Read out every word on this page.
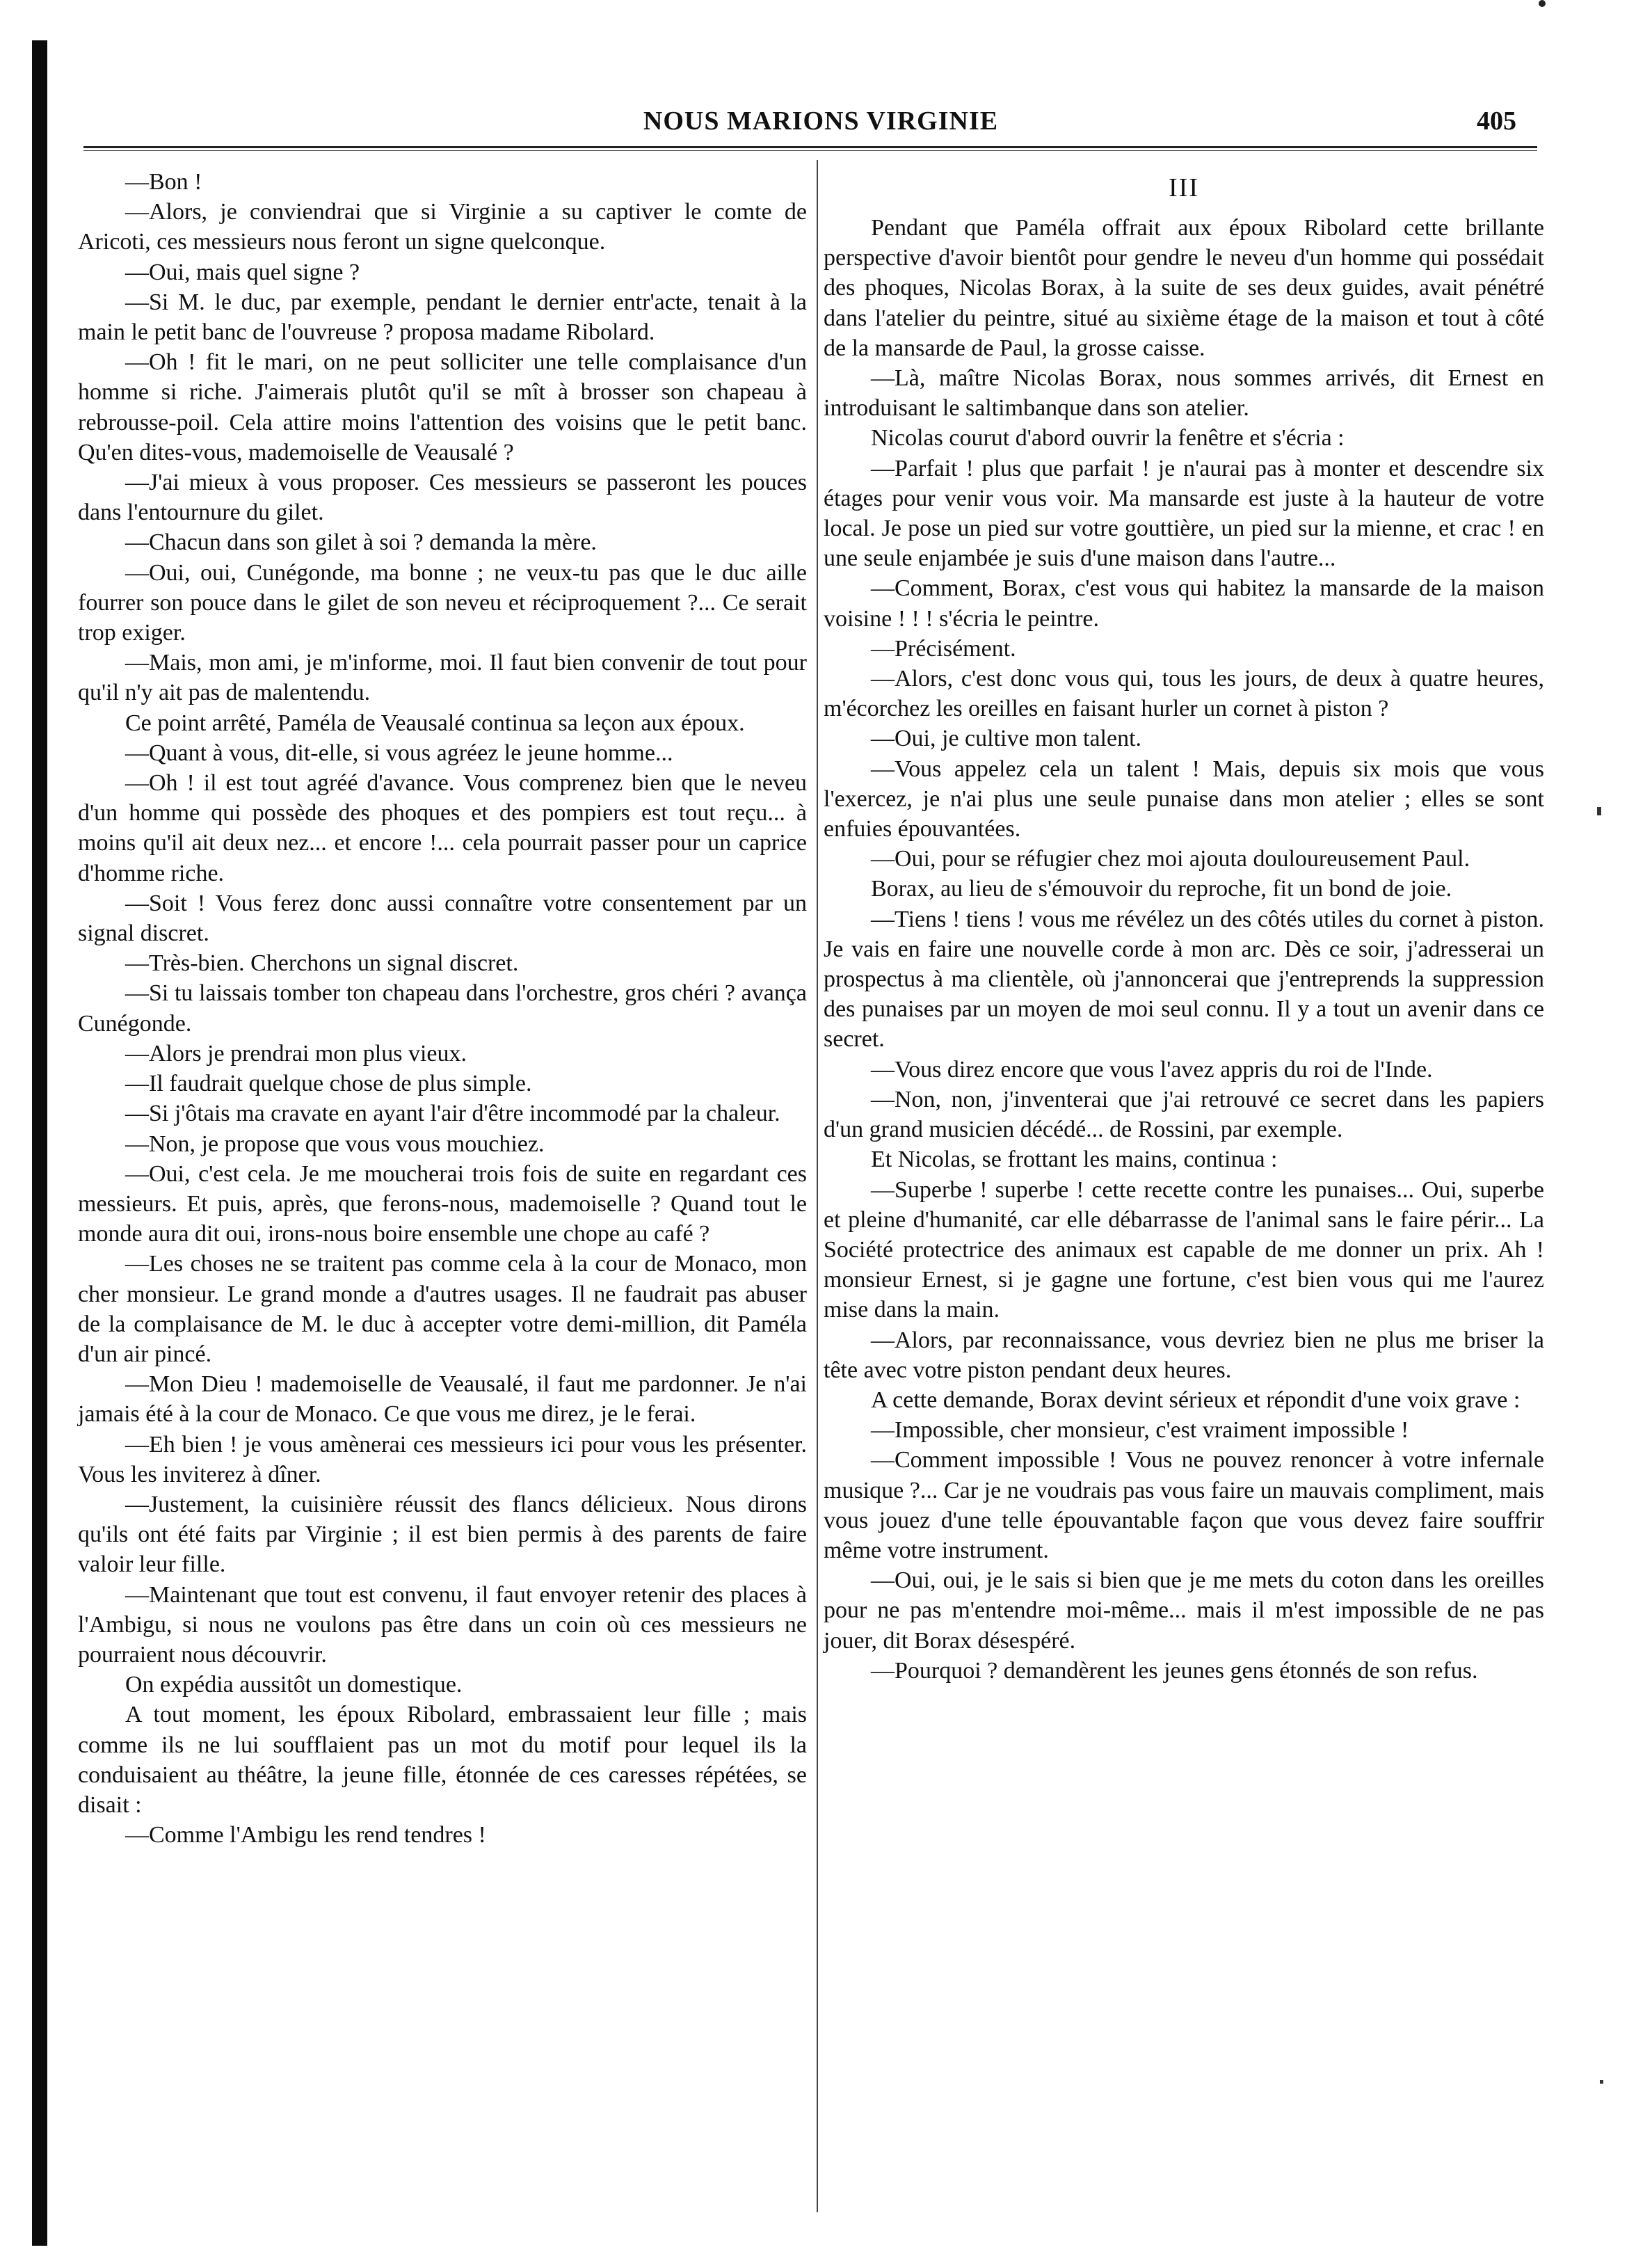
NOUS MARIONS VIRGINIE	405

—Bon !

—Alors, je conviendrai que si Virginie a su captiver le comte de Aricoti, ces messieurs nous feront un signe quelconque.

—Oui, mais quel signe ?

—Si M. le duc, par exemple, pendant le dernier entr'acte, tenait à la main le petit banc de l'ouvreuse ? proposa madame Ribolard.

—Oh ! fit le mari, on ne peut solliciter une telle complaisance d'un homme si riche. J'aimerais plutôt qu'il se mît à brosser son chapeau à rebrousse-poil. Cela attire moins l'attention des voisins que le petit banc. Qu'en dites-vous, mademoiselle de Veausalé ?

—J'ai mieux à vous proposer. Ces messieurs se passeront les pouces dans l'entournure du gilet.

—Chacun dans son gilet à soi ? demanda la mère.

—Oui, oui, Cunégonde, ma bonne ; ne veux-tu pas que le duc aille fourrer son pouce dans le gilet de son neveu et réciproquement ?... Ce serait trop exiger.

—Mais, mon ami, je m'informe, moi. Il faut bien convenir de tout pour qu'il n'y ait pas de malentendu.

Ce point arrêté, Paméla de Veausalé continua sa leçon aux époux.

—Quant à vous, dit-elle, si vous agréez le jeune homme...

—Oh ! il est tout agréé d'avance. Vous comprenez bien que le neveu d'un homme qui possède des phoques et des pompiers est tout reçu... à moins qu'il ait deux nez... et encore !... cela pourrait passer pour un caprice d'homme riche.

—Soit ! Vous ferez donc aussi connaître votre consentement par un signal discret.

—Très-bien. Cherchons un signal discret.

—Si tu laissais tomber ton chapeau dans l'orchestre, gros chéri ? avança Cunégonde.

—Alors je prendrai mon plus vieux.

—Il faudrait quelque chose de plus simple.

—Si j'ôtais ma cravate en ayant l'air d'être incommodé par la chaleur.

—Non, je propose que vous vous mouchiez.

—Oui, c'est cela. Je me moucherai trois fois de suite en regardant ces messieurs. Et puis, après, que ferons-nous, mademoiselle ? Quand tout le monde aura dit oui, irons-nous boire ensemble une chope au café ?

—Les choses ne se traitent pas comme cela à la cour de Monaco, mon cher monsieur. Le grand monde a d'autres usages. Il ne faudrait pas abuser de la complaisance de M. le duc à accepter votre demi-million, dit Paméla d'un air pincé.

—Mon Dieu ! mademoiselle de Veausalé, il faut me pardonner. Je n'ai jamais été à la cour de Monaco. Ce que vous me direz, je le ferai.

—Eh bien ! je vous amènerai ces messieurs ici pour vous les présenter. Vous les inviterez à dîner.

—Justement, la cuisinière réussit des flancs délicieux. Nous dirons qu'ils ont été faits par Virginie ; il est bien permis à des parents de faire valoir leur fille.

—Maintenant que tout est convenu, il faut envoyer retenir des places à l'Ambigu, si nous ne voulons pas être dans un coin où ces messieurs ne pourraient nous découvrir.

On expédia aussitôt un domestique.

A tout moment, les époux Ribolard, embrassaient leur fille ; mais comme ils ne lui soufflaient pas un mot du motif pour lequel ils la conduisaient au théâtre, la jeune fille, étonnée de ces caresses répétées, se disait :

—Comme l'Ambigu les rend tendres !

III

Pendant que Paméla offrait aux époux Ribolard cette brillante perspective d'avoir bientôt pour gendre le neveu d'un homme qui possédait des phoques, Nicolas Borax, à la suite de ses deux guides, avait pénétré dans l'atelier du peintre, situé au sixième étage de la maison et tout à côté de la mansarde de Paul, la grosse caisse.

—Là, maître Nicolas Borax, nous sommes arrivés, dit Ernest en introduisant le saltimbanque dans son atelier.

Nicolas courut d'abord ouvrir la fenêtre et s'écria :

—Parfait ! plus que parfait ! je n'aurai pas à monter et descendre six étages pour venir vous voir. Ma mansarde est juste à la hauteur de votre local. Je pose un pied sur votre gouttière, un pied sur la mienne, et crac ! en une seule enjambée je suis d'une maison dans l'autre...

—Comment, Borax, c'est vous qui habitez la mansarde de la maison voisine ! ! ! s'écria le peintre.

—Précisément.

—Alors, c'est donc vous qui, tous les jours, de deux à quatre heures, m'écorchez les oreilles en faisant hurler un cornet à piston ?

—Oui, je cultive mon talent.

—Vous appelez cela un talent ! Mais, depuis six mois que vous l'exercez, je n'ai plus une seule punaise dans mon atelier ; elles se sont enfuies épouvantées.

—Oui, pour se réfugier chez moi ajouta douloureusement Paul.

Borax, au lieu de s'émouvoir du reproche, fit un bond de joie.

—Tiens ! tiens ! vous me révélez un des côtés utiles du cornet à piston. Je vais en faire une nouvelle corde à mon arc. Dès ce soir, j'adresserai un prospectus à ma clientèle, où j'annoncerai que j'entreprends la suppression des punaises par un moyen de moi seul connu. Il y a tout un avenir dans ce secret.

—Vous direz encore que vous l'avez appris du roi de l'Inde.

—Non, non, j'inventerai que j'ai retrouvé ce secret dans les papiers d'un grand musicien décédé... de Rossini, par exemple.

Et Nicolas, se frottant les mains, continua :

—Superbe ! superbe ! cette recette contre les punaises... Oui, superbe et pleine d'humanité, car elle débarrasse de l'animal sans le faire périr... La Société protectrice des animaux est capable de me donner un prix. Ah ! monsieur Ernest, si je gagne une fortune, c'est bien vous qui me l'aurez mise dans la main.

—Alors, par reconnaissance, vous devriez bien ne plus me briser la tête avec votre piston pendant deux heures.

A cette demande, Borax devint sérieux et répondit d'une voix grave :

—Impossible, cher monsieur, c'est vraiment impossible !

—Comment impossible ! Vous ne pouvez renoncer à votre infernale musique ?... Car je ne voudrais pas vous faire un mauvais compliment, mais vous jouez d'une telle épouvantable façon que vous devez faire souffrir même votre instrument.

—Oui, oui, je le sais si bien que je me mets du coton dans les oreilles pour ne pas m'entendre moi-même... mais il m'est impossible de ne pas jouer, dit Borax désespéré.

—Pourquoi ? demandèrent les jeunes gens étonnés de son refus.
